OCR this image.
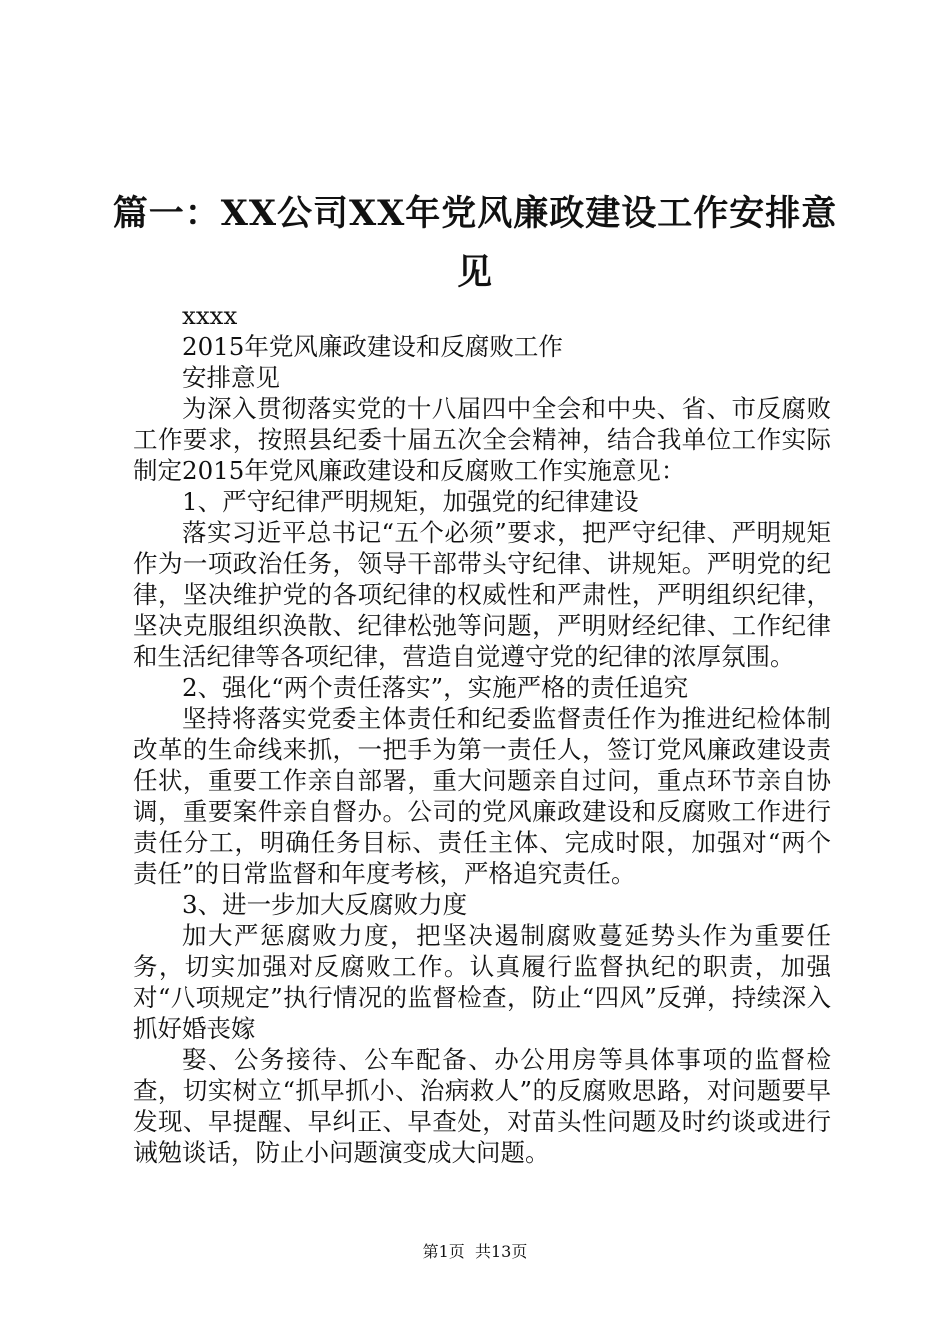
篇一：XX公司XX年党风廉政建设工作安排意
见

xxxx

2015年党风廉政建设和反腐败工作

安排意见

为深入贯彻落实党的十八届四中全会和中央、省、市反腐败工作要求，按照县纪委十届五次全会精神，结合我单位工作实际制定2015年党风廉政建设和反腐败工作实施意见：

1、严守纪律严明规矩，加强党的纪律建设

落实习近平总书记“五个必须”要求，把严守纪律、严明规矩作为一项政治任务，领导干部带头守纪律、讲规矩。严明党的纪律，坚决维护党的各项纪律的权威性和严肃性，严明组织纪律，坚决克服组织涣散、纪律松弛等问题，严明财经纪律、工作纪律和生活纪律等各项纪律，营造自觉遵守党的纪律的浓厚氛围。

2、强化“两个责任落实”，实施严格的责任追究

坚持将落实党委主体责任和纪委监督责任作为推进纪检体制改革的生命线来抓，一把手为第一责任人，签订党风廉政建设责任状，重要工作亲自部署，重大问题亲自过问，重点环节亲自协调，重要案件亲自督办。公司的党风廉政建设和反腐败工作进行责任分工，明确任务目标、责任主体、完成时限，加强对“两个责任”的日常监督和年度考核，严格追究责任。

3、进一步加大反腐败力度

加大严惩腐败力度，把坚决遏制腐败蔓延势头作为重要任务，切实加强对反腐败工作。认真履行监督执纪的职责，加强对“八项规定”执行情况的监督检查，防止“四风”反弹，持续深入抓好婚丧嫁

娶、公务接待、公车配备、办公用房等具体事项的监督检查，切实树立“抓早抓小、治病救人”的反腐败思路，对问题要早发现、早提醒、早纠正、早查处，对苗头性问题及时约谈或进行诫勉谈话，防止小问题演变成大问题。

第1页 共13页
